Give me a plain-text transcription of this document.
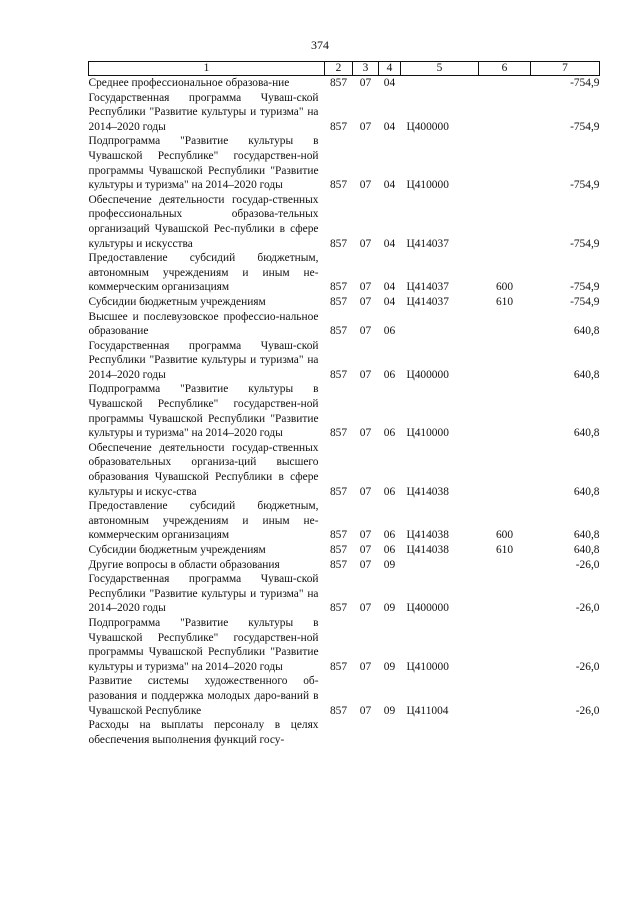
374
1	2	3	4	5	6	7
Среднее профессиональное образова-ние	857	07	04			-754,9
Государственная программа Чуваш-ской Республики "Развитие культуры и туризма" на 2014–2020 годы	857	07	04	Ц400000		-754,9
Подпрограмма "Развитие культуры в Чувашской Республике" государствен-ной программы Чувашской Республики "Развитие культуры и туризма" на 2014–2020 годы	857	07	04	Ц410000		-754,9
Обеспечение деятельности государ-ственных профессиональных образова-тельных организаций Чувашской Рес-публики в сфере культуры и искусства	857	07	04	Ц414037		-754,9
Предоставление субсидий бюджетным, автономным учреждениям и иным не-коммерческим организациям	857	07	04	Ц414037	600	-754,9
Субсидии бюджетным учреждениям	857	07	04	Ц414037	610	-754,9
Высшее и послевузовское профессио-нальное образование	857	07	06			640,8
Государственная программа Чуваш-ской Республики "Развитие культуры и туризма" на 2014–2020 годы	857	07	06	Ц400000		640,8
Подпрограмма "Развитие культуры в Чувашской Республике" государствен-ной программы Чувашской Республики "Развитие культуры и туризма" на 2014–2020 годы	857	07	06	Ц410000		640,8
Обеспечение деятельности государ-ственных образовательных организа-ций высшего образования Чувашской Республики в сфере культуры и искус-ства	857	07	06	Ц414038		640,8
Предоставление субсидий бюджетным, автономным учреждениям и иным не-коммерческим организациям	857	07	06	Ц414038	600	640,8
Субсидии бюджетным учреждениям	857	07	06	Ц414038	610	640,8
Другие вопросы в области образования	857	07	09			-26,0
Государственная программа Чуваш-ской Республики "Развитие культуры и туризма" на 2014–2020 годы	857	07	09	Ц400000		-26,0
Подпрограмма "Развитие культуры в Чувашской Республике" государствен-ной программы Чувашской Республики "Развитие культуры и туризма" на 2014–2020 годы	857	07	09	Ц410000		-26,0
Развитие системы художественного об-разования и поддержка молодых даро-ваний в Чувашской Республике	857	07	09	Ц411004		-26,0
Расходы на выплаты персоналу в целях обеспечения выполнения функций госу-						
